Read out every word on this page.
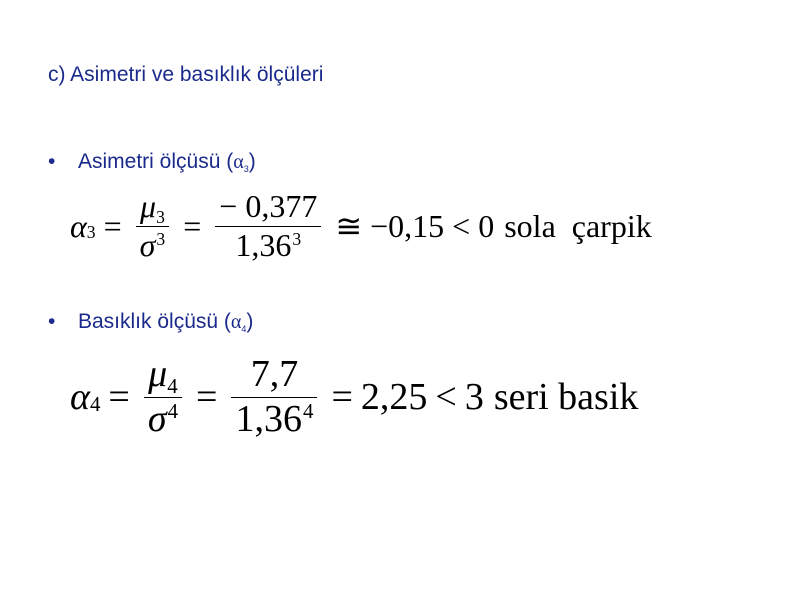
c) Asimetri ve basıklık ölçüleri
• Asimetri ölçüsü (α3)
α $3 = \frac{\mu 3}{\sigma^3} = \frac{- 0,377}{1,36^3}$ ≅ −0,15 < 0 sola  çarpik
• Basıklık ölçüsü (α4)
α $4 = \frac{\mu 4}{\sigma^4} = \frac{7,7}{1,36^4} = 2,25 < 3$ seri basik
